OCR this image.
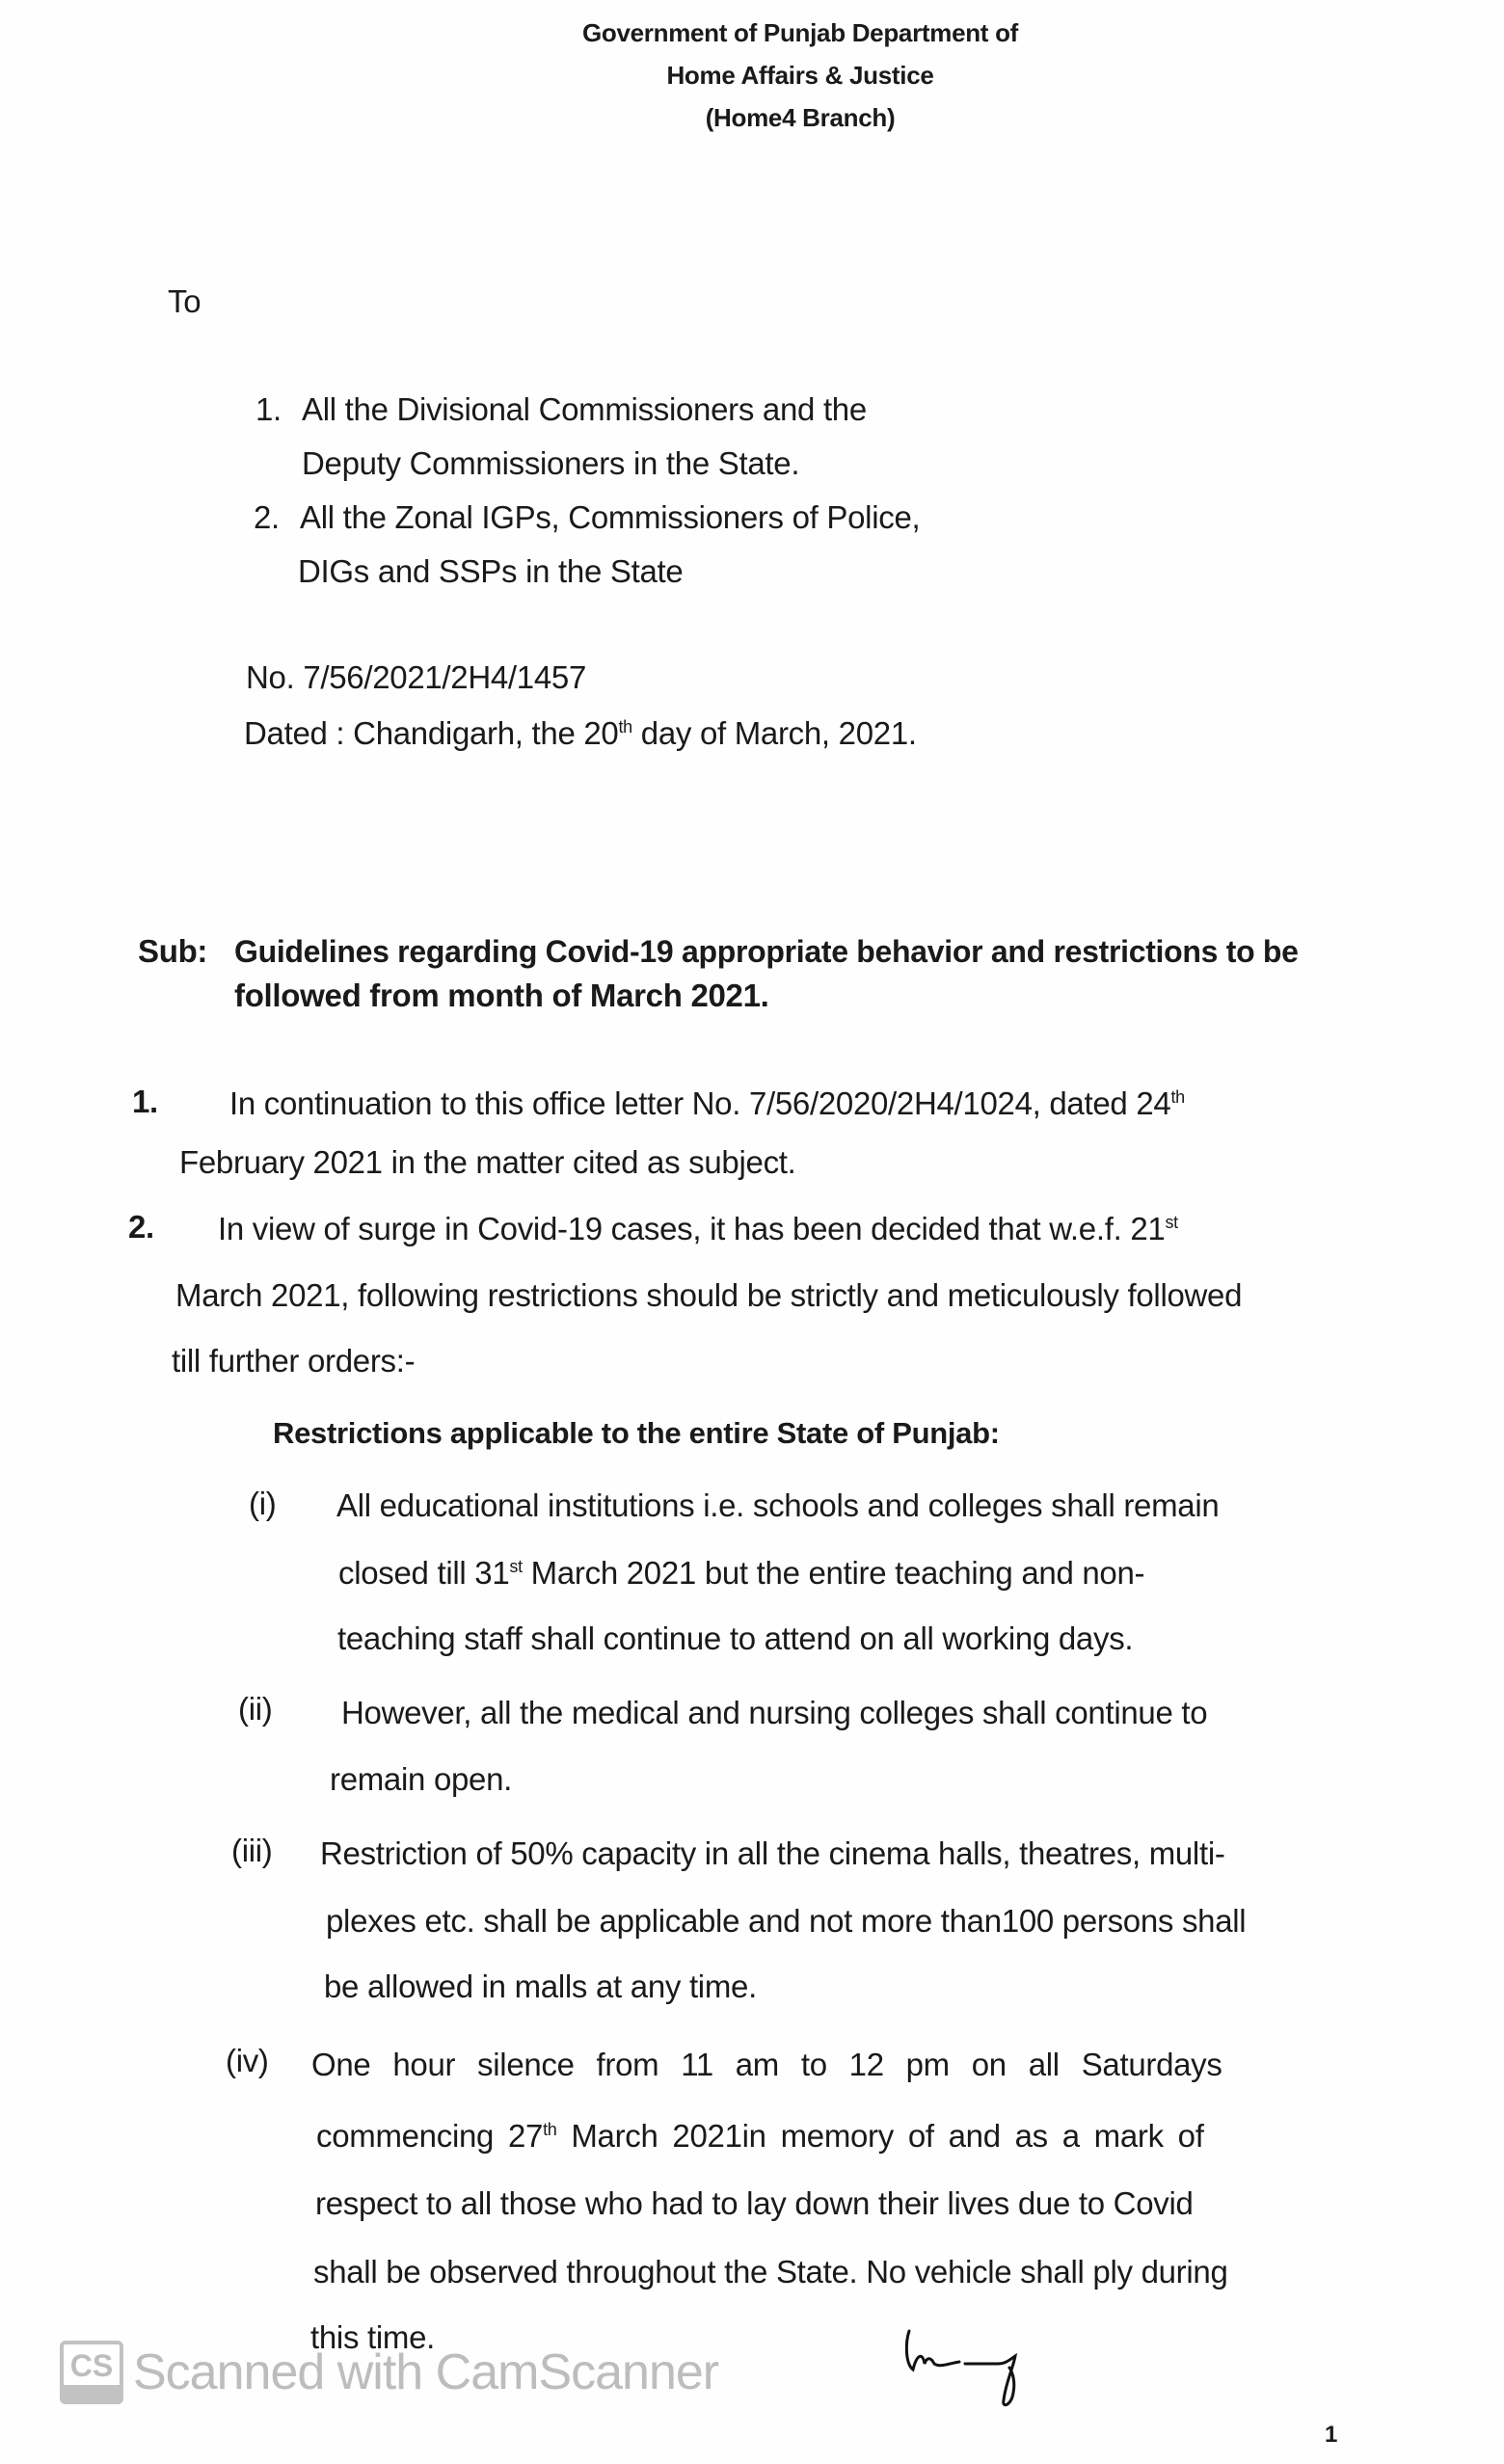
Government of Punjab Department of
Home Affairs & Justice
(Home4 Branch)
To
1. All the Divisional Commissioners and the
Deputy Commissioners in the State.
2. All the Zonal IGPs, Commissioners of Police,
DIGs and SSPs in the State
No. 7/56/2021/2H4/1457
Dated : Chandigarh, the 20th day of March, 2021.
Sub: Guidelines regarding Covid-19 appropriate behavior and restrictions to be
followed from month of March 2021.
1. In continuation to this office letter No. 7/56/2020/2H4/1024, dated 24th
February 2021 in the matter cited as subject.
2. In view of surge in Covid-19 cases, it has been decided that w.e.f. 21st
March 2021, following restrictions should be strictly and meticulously followed
till further orders:-
Restrictions applicable to the entire State of Punjab:
(i) All educational institutions i.e. schools and colleges shall remain
closed till 31st March 2021 but the entire teaching and non-
teaching staff shall continue to attend on all working days.
(ii) However, all the medical and nursing colleges shall continue to
remain open.
(iii) Restriction of 50% capacity in all the cinema halls, theatres, multi-
plexes etc. shall be applicable and not more than100 persons shall
be allowed in malls at any time.
(iv) One hour silence from 11 am to 12 pm on all Saturdays
commencing 27th March 2021in memory of and as a mark of
respect to all those who had to lay down their lives due to Covid
shall be observed throughout the State. No vehicle shall ply during
this time.
CS Scanned with CamScanner
1
